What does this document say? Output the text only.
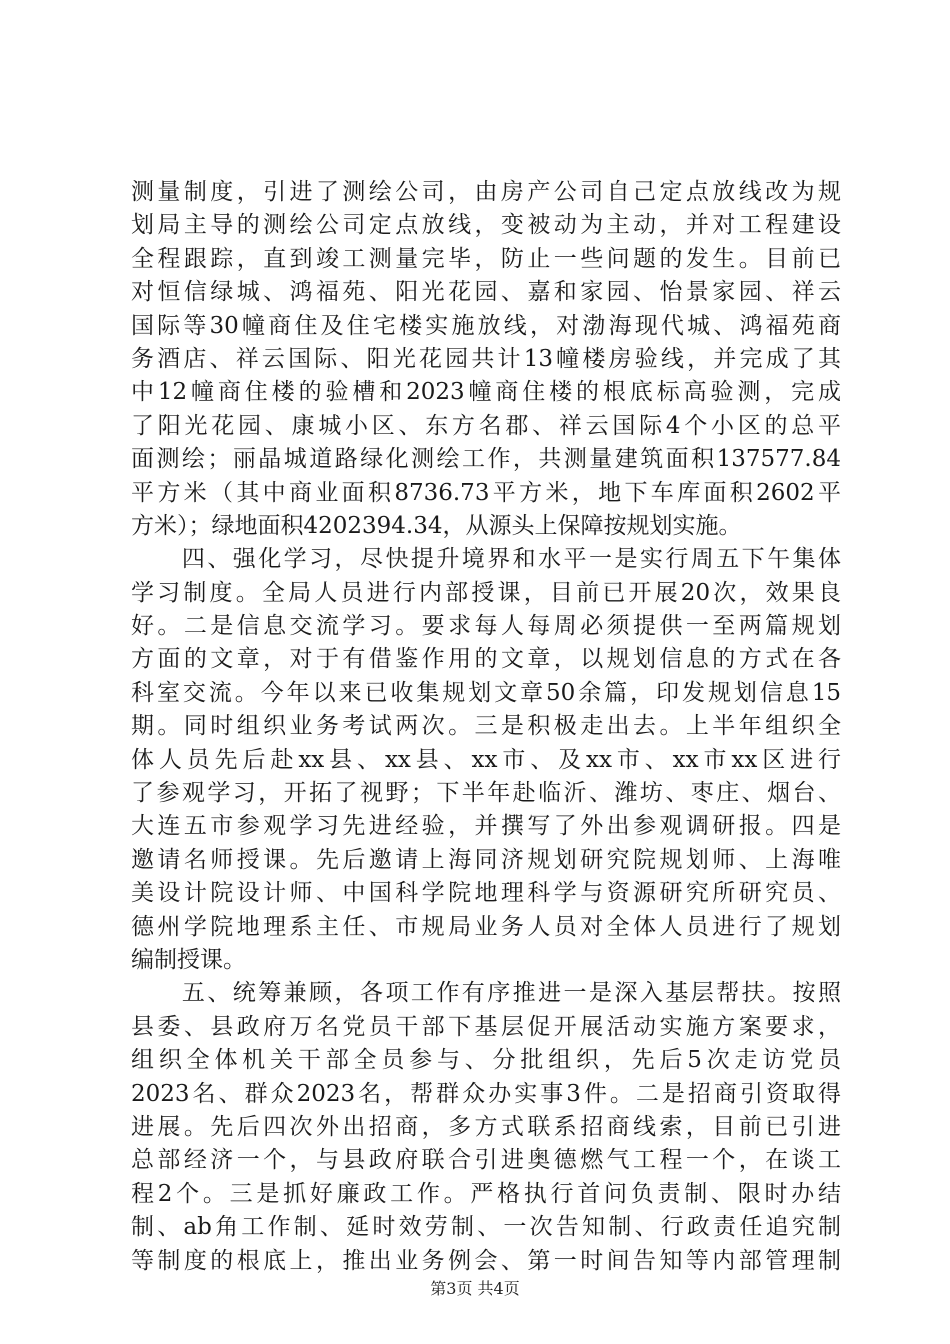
测量制度，引进了测绘公司，由房产公司自己定点放线改为规
划局主导的测绘公司定点放线，变被动为主动，并对工程建设
全程跟踪，直到竣工测量完毕，防止一些问题的发生。目前已
对恒信绿城、鸿福苑、阳光花园、嘉和家园、怡景家园、祥云
国际等30幢商住及住宅楼实施放线，对渤海现代城、鸿福苑商
务酒店、祥云国际、阳光花园共计13幢楼房验线，并完成了其
中12幢商住楼的验槽和2023幢商住楼的根底标高验测，完成
了阳光花园、康城小区、东方名郡、祥云国际4个小区的总平
面测绘；丽晶城道路绿化测绘工作，共测量建筑面积137577.84
平方米（其中商业面积8736.73平方米，地下车库面积2602平
方米）；绿地面积4202394.34，从源头上保障按规划实施。
　　四、强化学习，尽快提升境界和水平一是实行周五下午集体
学习制度。全局人员进行内部授课，目前已开展20次，效果良
好。二是信息交流学习。要求每人每周必须提供一至两篇规划
方面的文章，对于有借鉴作用的文章，以规划信息的方式在各
科室交流。今年以来已收集规划文章50余篇，印发规划信息15
期。同时组织业务考试两次。三是积极走出去。上半年组织全
体人员先后赴xx县、xx县、xx市、及xx市、xx市xx区进行
了参观学习，开拓了视野；下半年赴临沂、潍坊、枣庄、烟台、
大连五市参观学习先进经验，并撰写了外出参观调研报。四是
邀请名师授课。先后邀请上海同济规划研究院规划师、上海唯
美设计院设计师、中国科学院地理科学与资源研究所研究员、
德州学院地理系主任、市规局业务人员对全体人员进行了规划
编制授课。
　　五、统筹兼顾，各项工作有序推进一是深入基层帮扶。按照
县委、县政府万名党员干部下基层促开展活动实施方案要求，
组织全体机关干部全员参与、分批组织，先后5次走访党员
2023名、群众2023名，帮群众办实事3件。二是招商引资取得
进展。先后四次外出招商，多方式联系招商线索，目前已引进
总部经济一个，与县政府联合引进奥德燃气工程一个，在谈工
程2个。三是抓好廉政工作。严格执行首问负责制、限时办结
制、ab角工作制、延时效劳制、一次告知制、行政责任追究制
等制度的根底上，推出业务例会、第一时间告知等内部管理制
第3页 共4页
